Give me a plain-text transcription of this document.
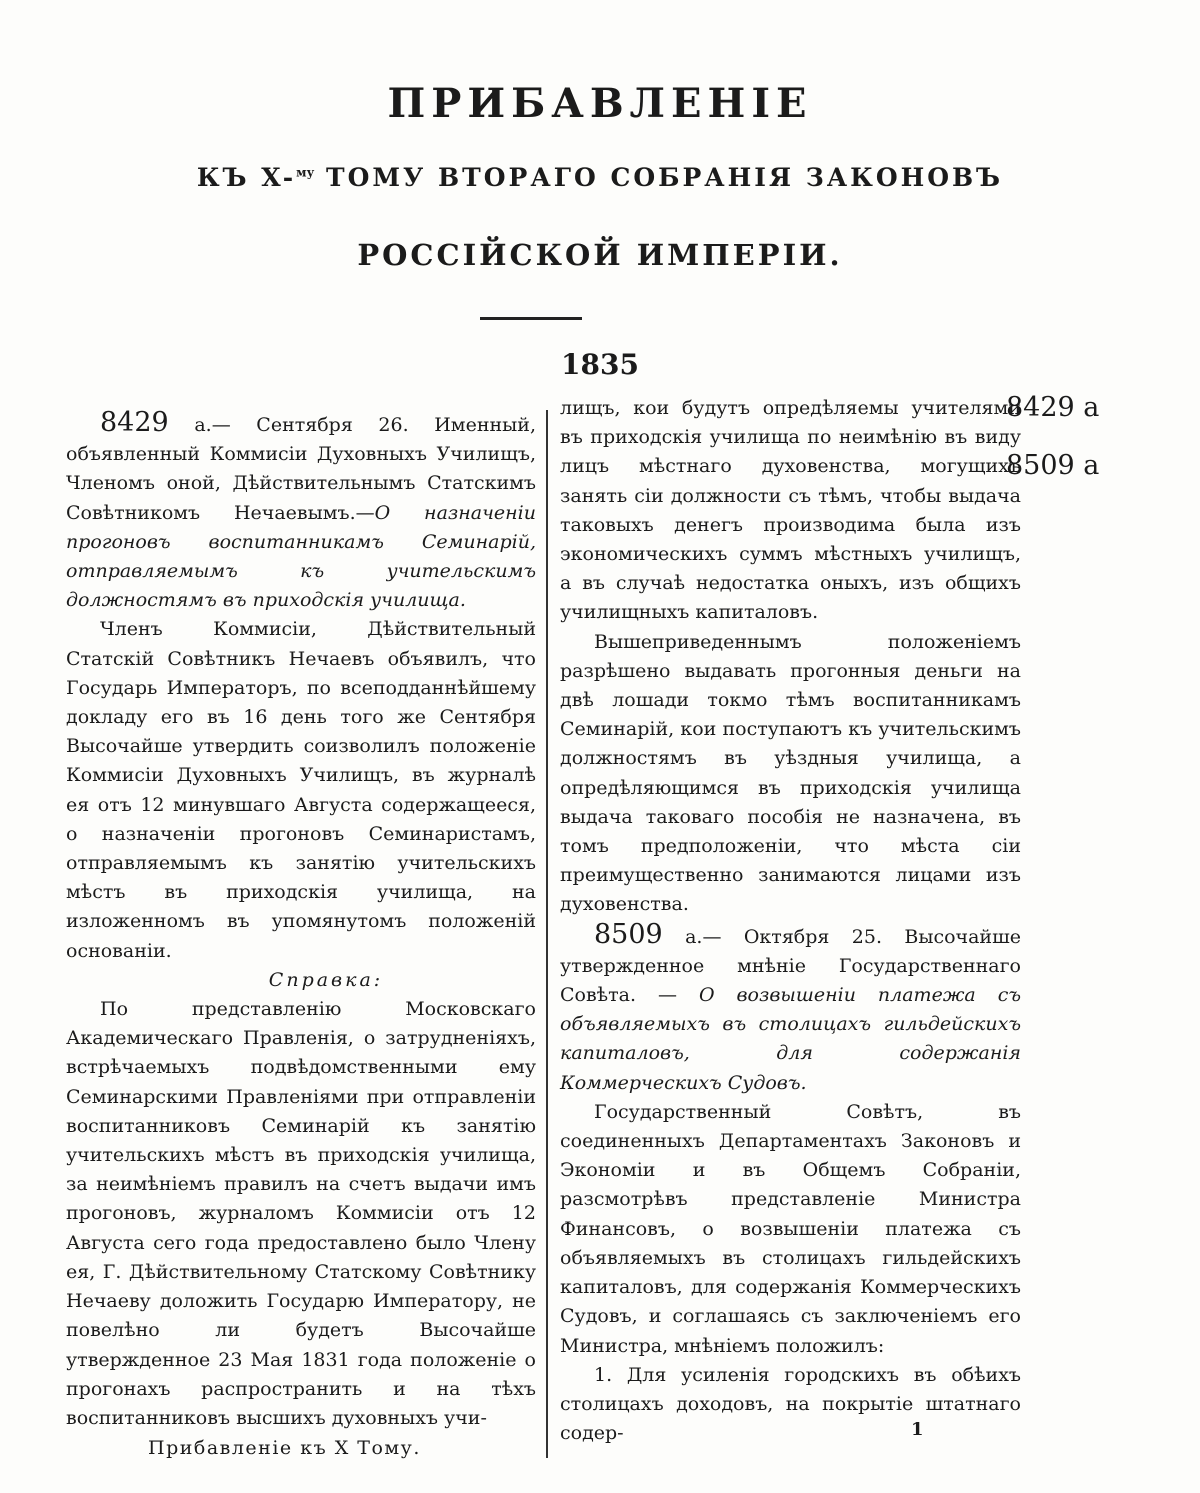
ПРИБАВЛЕНІЕ
КЪ X-$^{му}$ ТОМУ ВТОРАГО СОБРАНІЯ ЗАКОНОВЪ
РОССІЙСКОЙ ИМПЕРІИ.
1835

8429 а.— Сентября 26. Именный, объявленный Коммисіи Духовныхъ Училищъ, Членомъ оной, Дѣйствительнымъ Статскимъ Совѣтникомъ Нечаевымъ.—О назначеніи прогоновъ воспитанникамъ Семинарій, отправляемымъ къ учительскимъ должностямъ въ приходскія училища.

Членъ Коммисіи, Дѣйствительный Статскій Совѣтникъ Нечаевъ объявилъ, что Государь Императоръ, по всеподданнѣйшему докладу его въ 16 день того же Сентября Высочайше утвердить соизволилъ положеніе Коммисіи Духовныхъ Училищъ, въ журналѣ ея отъ 12 минувшаго Августа содержащееся, о назначеніи прогоновъ Семинаристамъ, отправляемымъ къ занятію учительскихъ мѣстъ въ приходскія училища, на изложенномъ въ упомянутомъ положеній основаніи.

Справка:

По представленію Московскаго Академическаго Правленія, о затрудненіяхъ, встрѣчаемыхъ подвѣдомственными ему Семинарскими Правленіями при отправленіи воспитанниковъ Семинарій къ занятію учительскихъ мѣстъ въ приходскія училища, за неимѣніемъ правилъ на счетъ выдачи имъ прогоновъ, журналомъ Коммисіи отъ 12 Августа сего года предоставлено было Члену ея, Г. Дѣйствительному Статскому Совѣтнику Нечаеву доложить Государю Императору, не повелѣно ли будетъ Высочайше утвержденное 23 Мая 1831 года положеніе о прогонахъ распространить и на тѣхъ воспитанниковъ высшихъ духовныхъ учи-

лищъ, кои будутъ опредѣляемы учителями въ приходскія училища по неимѣнію въ виду лицъ мѣстнаго духовенства, могущихъ занять сіи должности съ тѣмъ, чтобы выдача таковыхъ денегъ производима была изъ экономическихъ суммъ мѣстныхъ училищъ, а въ случаѣ недостатка оныхъ, изъ общихъ училищныхъ капиталовъ.

Вышеприведеннымъ положеніемъ разрѣшено выдавать прогонныя деньги на двѣ лошади токмо тѣмъ воспитанникамъ Семинарій, кои поступаютъ къ учительскимъ должностямъ въ уѣздныя училища, а опредѣляющимся въ приходскія училища выдача таковаго пособія не назначена, въ томъ предположеніи, что мѣста сіи преимущественно занимаются лицами изъ духовенства.

8509 а.— Октября 25. Высочайше утвержденное мнѣніе Государственнаго Совѣта. — О возвышеніи платежа съ объявляемыхъ въ столицахъ гильдейскихъ капиталовъ, для содержанія Коммерческихъ Судовъ.

Государственный Совѣтъ, въ соединенныхъ Департаментахъ Законовъ и Экономіи и въ Общемъ Собраніи, разсмотрѣвъ представленіе Министра Финансовъ, о возвышеніи платежа съ объявляемыхъ въ столицахъ гильдейскихъ капиталовъ, для содержанія Коммерческихъ Судовъ, и соглашаясь съ заключеніемъ его Министра, мнѣніемъ положилъ:

1. Для усиленія городскихъ въ обѣихъ столицахъ доходовъ, на покрытіе штатнаго содер-

8429 а
8509 а
1
Прибавленіе къ X Тому.
